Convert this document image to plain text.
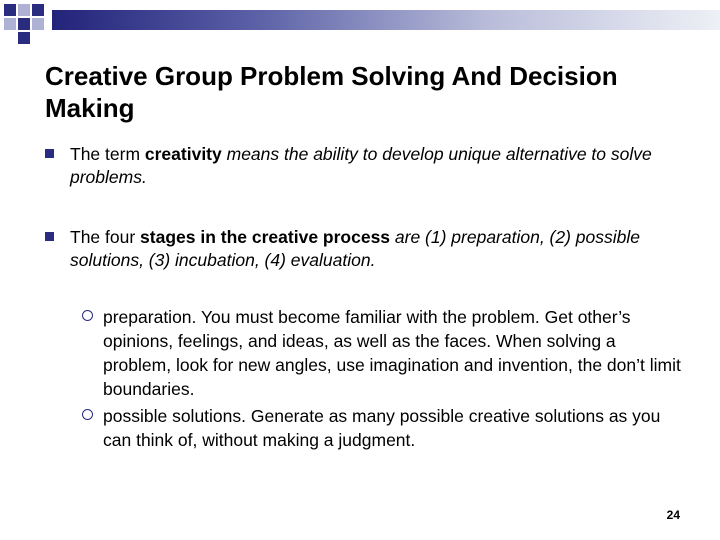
Creative Group Problem Solving And Decision Making
The term creativity means the ability to develop unique alternative to solve problems.
The four stages in the creative process are (1) preparation, (2) possible solutions, (3) incubation, (4) evaluation.
preparation. You must become familiar with the problem. Get other’s opinions, feelings, and ideas, as well as the faces. When solving a problem, look for new angles, use imagination and invention, the don’t limit boundaries.
possible solutions. Generate as many possible creative solutions as you can think of, without making a judgment.
24
